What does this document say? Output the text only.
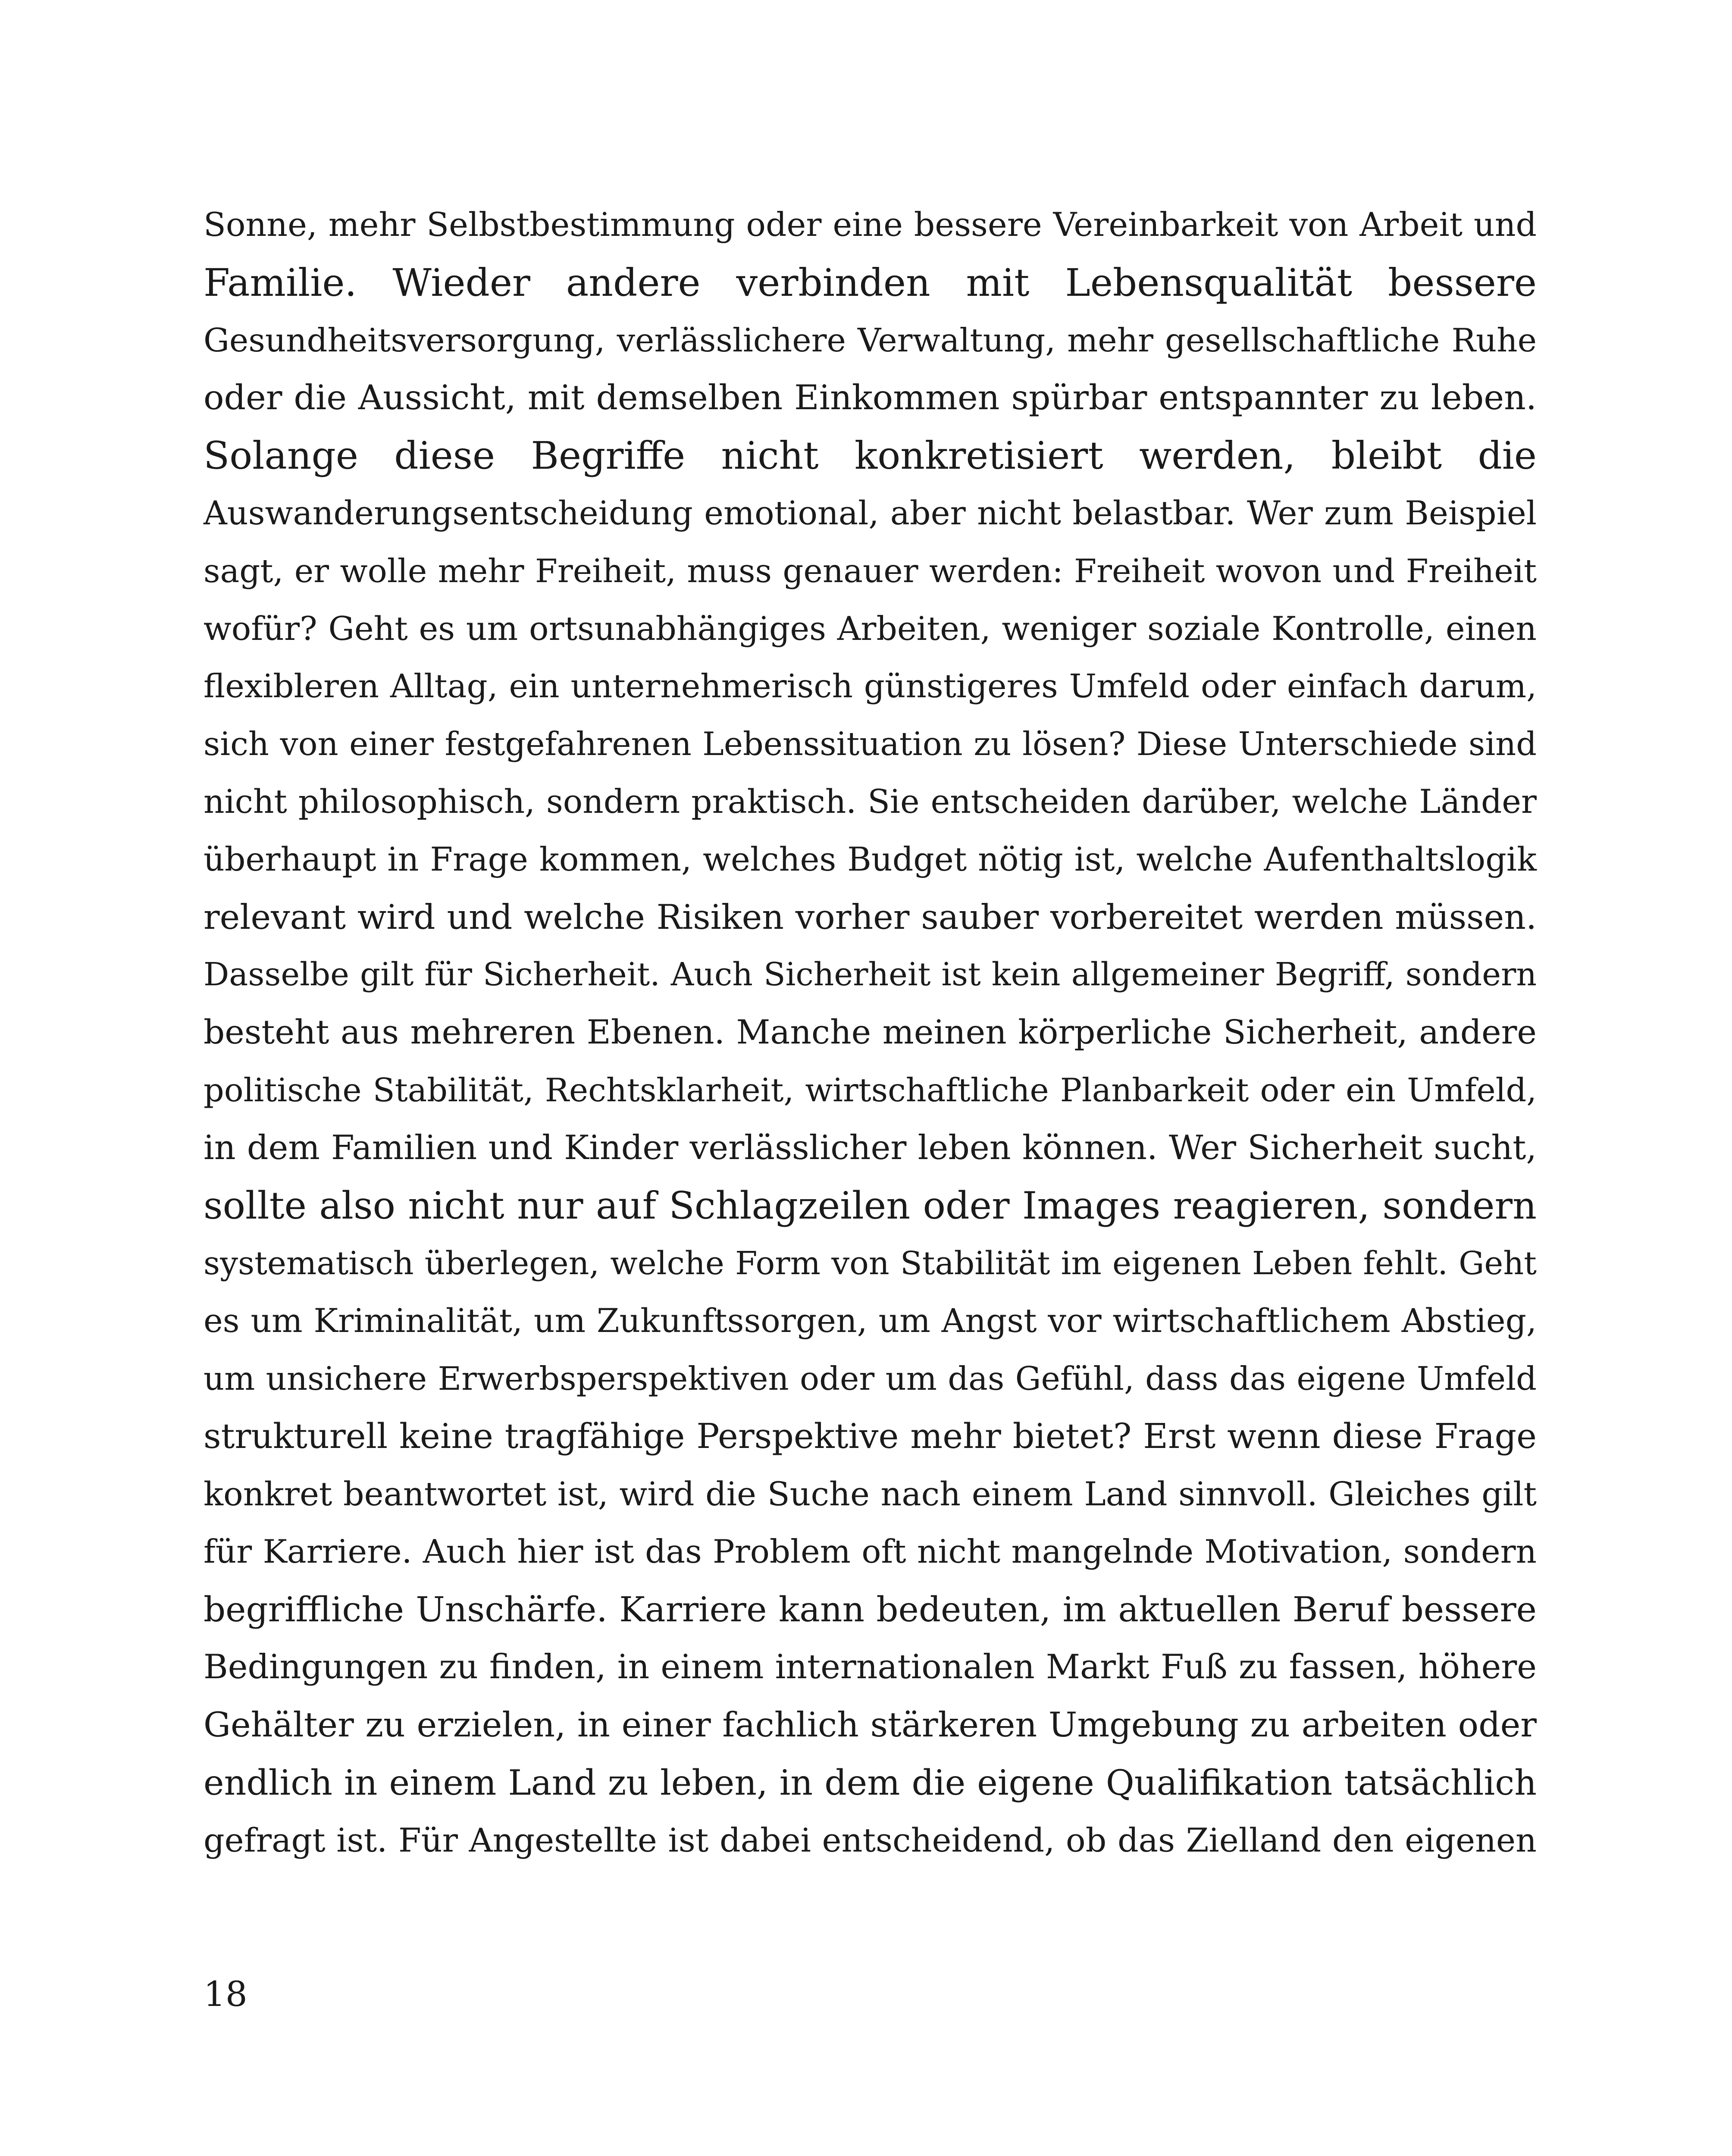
Sonne, mehr Selbstbestimmung oder eine bessere Vereinbarkeit von Arbeit und
Familie. Wieder andere verbinden mit Lebensqualität bessere
Gesundheitsversorgung, verlässlichere Verwaltung, mehr gesellschaftliche Ruhe
oder die Aussicht, mit demselben Einkommen spürbar entspannter zu leben.
Solange diese Begriffe nicht konkretisiert werden, bleibt die
Auswanderungsentscheidung emotional, aber nicht belastbar. Wer zum Beispiel
sagt, er wolle mehr Freiheit, muss genauer werden: Freiheit wovon und Freiheit
wofür? Geht es um ortsunabhängiges Arbeiten, weniger soziale Kontrolle, einen
flexibleren Alltag, ein unternehmerisch günstigeres Umfeld oder einfach darum,
sich von einer festgefahrenen Lebenssituation zu lösen? Diese Unterschiede sind
nicht philosophisch, sondern praktisch. Sie entscheiden darüber, welche Länder
überhaupt in Frage kommen, welches Budget nötig ist, welche Aufenthaltslogik
relevant wird und welche Risiken vorher sauber vorbereitet werden müssen.
Dasselbe gilt für Sicherheit. Auch Sicherheit ist kein allgemeiner Begriff, sondern
besteht aus mehreren Ebenen. Manche meinen körperliche Sicherheit, andere
politische Stabilität, Rechtsklarheit, wirtschaftliche Planbarkeit oder ein Umfeld,
in dem Familien und Kinder verlässlicher leben können. Wer Sicherheit sucht,
sollte also nicht nur auf Schlagzeilen oder Images reagieren, sondern
systematisch überlegen, welche Form von Stabilität im eigenen Leben fehlt. Geht
es um Kriminalität, um Zukunftssorgen, um Angst vor wirtschaftlichem Abstieg,
um unsichere Erwerbsperspektiven oder um das Gefühl, dass das eigene Umfeld
strukturell keine tragfähige Perspektive mehr bietet? Erst wenn diese Frage
konkret beantwortet ist, wird die Suche nach einem Land sinnvoll. Gleiches gilt
für Karriere. Auch hier ist das Problem oft nicht mangelnde Motivation, sondern
begriffliche Unschärfe. Karriere kann bedeuten, im aktuellen Beruf bessere
Bedingungen zu finden, in einem internationalen Markt Fuß zu fassen, höhere
Gehälter zu erzielen, in einer fachlich stärkeren Umgebung zu arbeiten oder
endlich in einem Land zu leben, in dem die eigene Qualifikation tatsächlich
gefragt ist. Für Angestellte ist dabei entscheidend, ob das Zielland den eigenen
18
